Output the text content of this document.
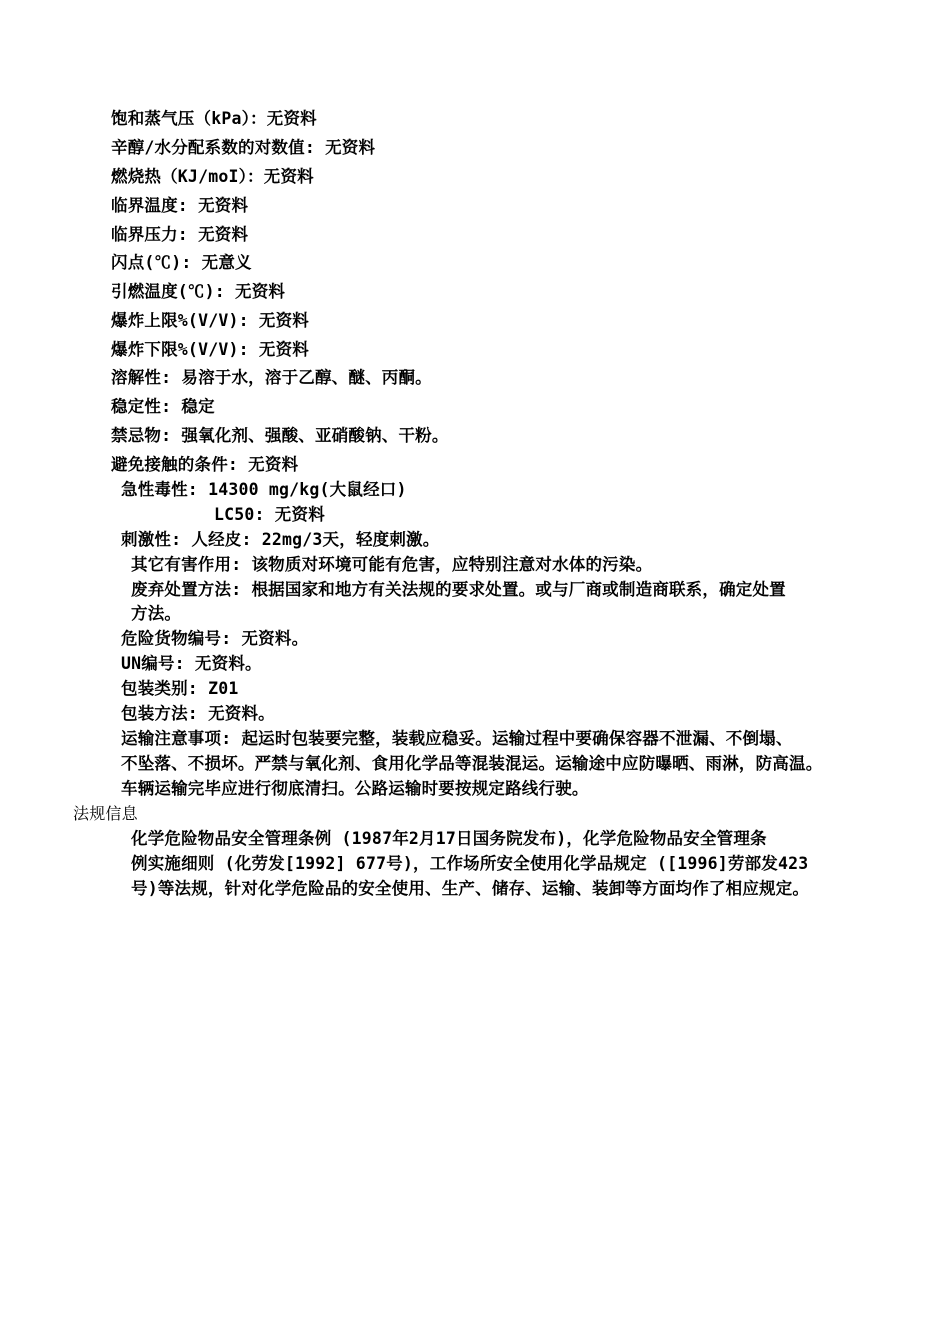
饱和蒸气压（kPa）：无资料
辛醇/水分配系数的对数值: 无资料
燃烧热（KJ/moI）：无资料
临界温度: 无资料
临界压力: 无资料
闪点(℃): 无意义
引燃温度(℃): 无资料
爆炸上限%(V/V): 无资料
爆炸下限%(V/V): 无资料
溶解性: 易溶于水，溶于乙醇、醚、丙酮。
稳定性: 稳定
禁忌物: 强氧化剂、强酸、亚硝酸钠、干粉。
避免接触的条件: 无资料
急性毒性: 14300 mg/kg(大鼠经口)
LC50: 无资料
刺激性: 人经皮: 22mg/3天，轻度刺激。
其它有害作用: 该物质对环境可能有危害，应特别注意对水体的污染。
废弃处置方法: 根据国家和地方有关法规的要求处置。或与厂商或制造商联系，确定处置
方法。
危险货物编号: 无资料。
UN编号: 无资料。
包装类别: Z01
包装方法: 无资料。
运输注意事项: 起运时包装要完整，装载应稳妥。运输过程中要确保容器不泄漏、不倒塌、
不坠落、不损坏。严禁与氧化剂、食用化学品等混装混运。运输途中应防曝晒、雨淋，防高温。
车辆运输完毕应进行彻底清扫。公路运输时要按规定路线行驶。
法规信息
化学危险物品安全管理条例 (1987年2月17日国务院发布)，化学危险物品安全管理条
例实施细则 (化劳发[1992] 677号)，工作场所安全使用化学品规定 ([1996]劳部发423
号)等法规，针对化学危险品的安全使用、生产、储存、运输、装卸等方面均作了相应规定。
